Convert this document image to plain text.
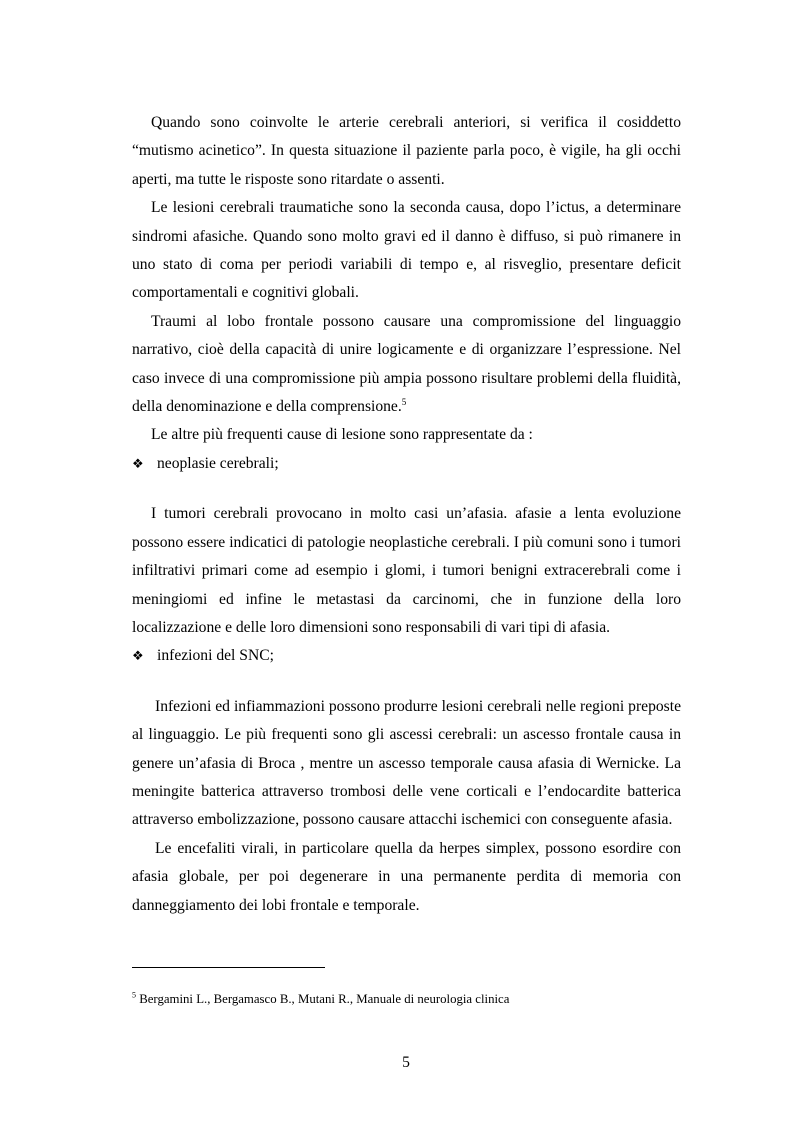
Quando sono coinvolte le arterie cerebrali anteriori, si verifica il cosiddetto “mutismo acinetico”. In questa situazione il paziente parla poco, è vigile, ha gli occhi aperti, ma tutte le risposte sono ritardate o assenti.

Le lesioni cerebrali traumatiche sono la seconda causa, dopo l’ictus, a determinare sindromi afasiche. Quando sono molto gravi ed il danno è diffuso, si può rimanere in uno stato di coma per periodi variabili di tempo e, al risveglio, presentare deficit comportamentali e cognitivi globali.

Traumi al lobo frontale possono causare una compromissione del linguaggio narrativo, cioè della capacità di unire logicamente e di organizzare l’espressione. Nel caso invece di una compromissione più ampia possono risultare problemi della fluidità, della denominazione e della comprensione.$^5$

Le altre più frequenti cause di lesione sono rappresentate da :

❖ neoplasie cerebrali;

I tumori cerebrali provocano in molto casi un’afasia. afasie a lenta evoluzione possono essere indicatici di patologie neoplastiche cerebrali. I più comuni sono i tumori infiltrativi primari come ad esempio i glomi, i tumori benigni extracerebrali come i meningiomi ed infine le metastasi da carcinomi, che in funzione della loro localizzazione e delle loro dimensioni sono responsabili di vari tipi di afasia.

❖ infezioni del SNC;

Infezioni ed infiammazioni possono produrre lesioni cerebrali nelle regioni preposte al linguaggio. Le più frequenti sono gli ascessi cerebrali: un ascesso frontale causa in genere un’afasia di Broca , mentre un ascesso temporale causa afasia di Wernicke. La meningite batterica attraverso trombosi delle vene corticali e l’endocardite batterica attraverso embolizzazione, possono causare attacchi ischemici con conseguente afasia.

Le encefaliti virali, in particolare quella da herpes simplex, possono esordire con afasia globale, per poi degenerare in una permanente perdita di memoria con danneggiamento dei lobi frontale e temporale.

$^5$ Bergamini L., Bergamasco B., Mutani R., Manuale di neurologia clinica
5
